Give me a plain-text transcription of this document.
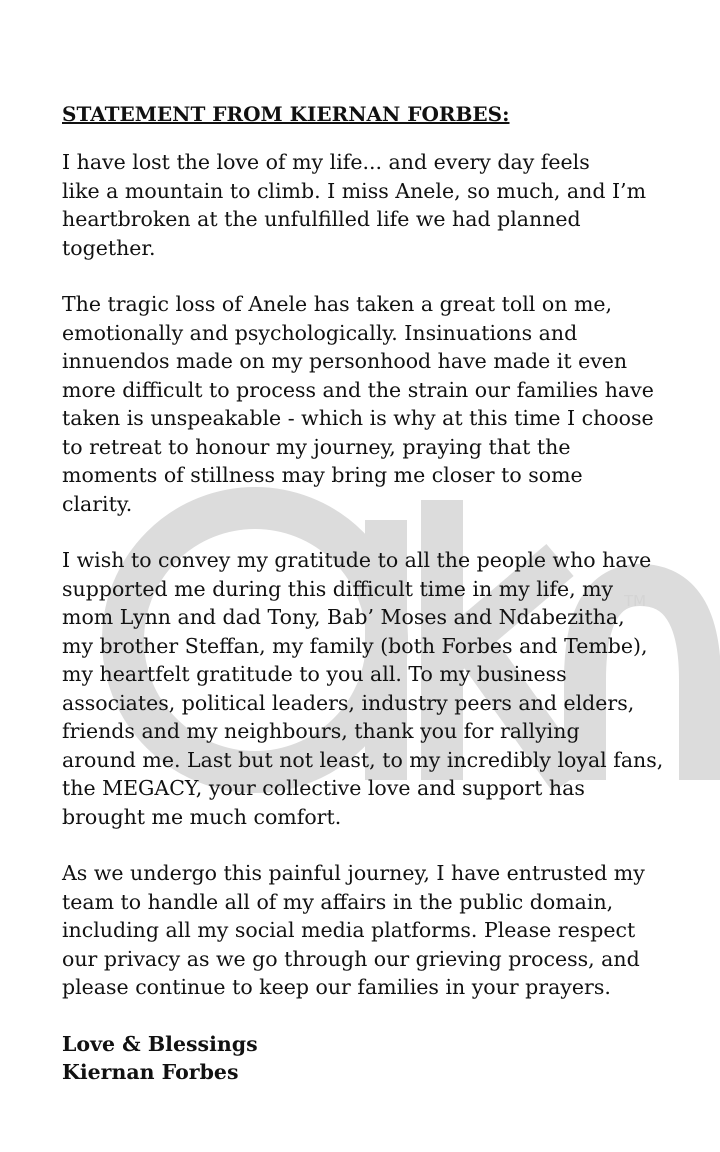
TM
STATEMENT FROM KIERNAN FORBES:
I have lost the love of my life... and every day feels
like a mountain to climb. I miss Anele, so much, and I’m
heartbroken at the unfulfilled life we had planned
together.
The tragic loss of Anele has taken a great toll on me,
emotionally and psychologically. Insinuations and
innuendos made on my personhood have made it even
more difficult to process and the strain our families have
taken is unspeakable - which is why at this time I choose
to retreat to honour my journey, praying that the
moments of stillness may bring me closer to some
clarity.
I wish to convey my gratitude to all the people who have
supported me during this difficult time in my life, my
mom Lynn and dad Tony, Bab’ Moses and Ndabezitha,
my brother Steffan, my family (both Forbes and Tembe),
my heartfelt gratitude to you all. To my business
associates, political leaders, industry peers and elders,
friends and my neighbours, thank you for rallying
around me. Last but not least, to my incredibly loyal fans,
the MEGACY, your collective love and support has
brought me much comfort.
As we undergo this painful journey, I have entrusted my
team to handle all of my affairs in the public domain,
including all my social media platforms. Please respect
our privacy as we go through our grieving process, and
please continue to keep our families in your prayers.
Love & Blessings
Kiernan Forbes
